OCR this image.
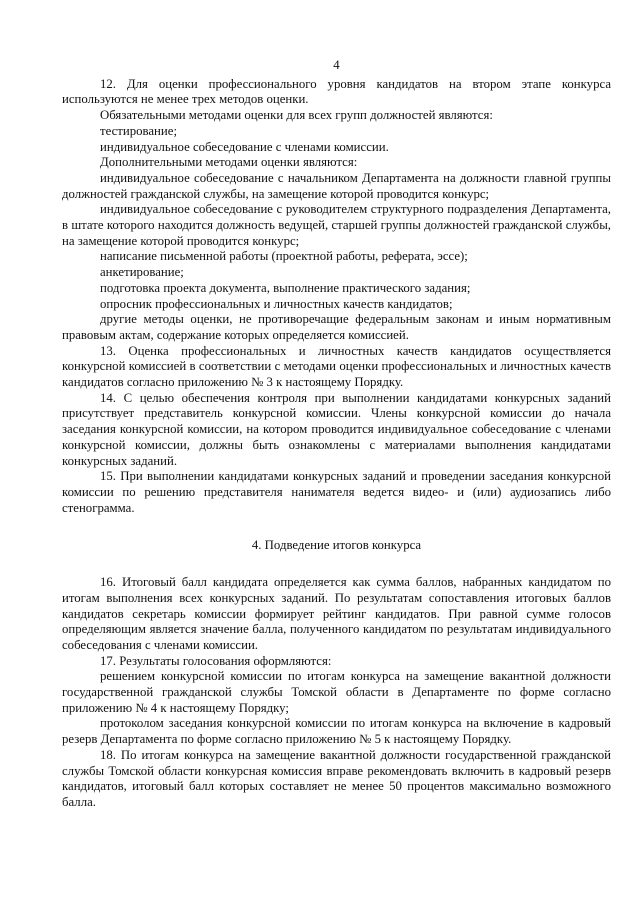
4

12. Для оценки профессионального уровня кандидатов на втором этапе конкурса используются не менее трех методов оценки.

Обязательными методами оценки для всех групп должностей являются:

тестирование;

индивидуальное собеседование с членами комиссии.

Дополнительными методами оценки являются:

индивидуальное собеседование с начальником Департамента на должности главной группы должностей гражданской службы, на замещение которой проводится конкурс;

индивидуальное собеседование с руководителем структурного подразделения Департамента, в штате которого находится должность ведущей, старшей группы должностей гражданской службы, на замещение которой проводится конкурс;

написание письменной работы (проектной работы, реферата, эссе);

анкетирование;

подготовка проекта документа, выполнение практического задания;

опросник профессиональных и личностных качеств кандидатов;

другие методы оценки, не противоречащие федеральным законам и иным нормативным правовым актам, содержание которых определяется комиссией.

13. Оценка профессиональных и личностных качеств кандидатов осуществляется конкурсной комиссией в соответствии с методами оценки профессиональных и личностных качеств кандидатов согласно приложению № 3 к настоящему Порядку.

14. С целью обеспечения контроля при выполнении кандидатами конкурсных заданий присутствует представитель конкурсной комиссии. Члены конкурсной комиссии до начала заседания конкурсной комиссии, на котором проводится индивидуальное собеседование с членами конкурсной комиссии, должны быть ознакомлены с материалами выполнения кандидатами конкурсных заданий.

15. При выполнении кандидатами конкурсных заданий и проведении заседания конкурсной комиссии по решению представителя нанимателя ведется видео- и (или) аудиозапись либо стенограмма.

4. Подведение итогов конкурса

16. Итоговый балл кандидата определяется как сумма баллов, набранных кандидатом по итогам выполнения всех конкурсных заданий. По результатам сопоставления итоговых баллов кандидатов секретарь комиссии формирует рейтинг кандидатов. При равной сумме голосов определяющим является значение балла, полученного кандидатом по результатам индивидуального собеседования с членами комиссии.

17. Результаты голосования оформляются:

решением конкурсной комиссии по итогам конкурса на замещение вакантной должности государственной гражданской службы Томской области в Департаменте по форме согласно приложению № 4 к настоящему Порядку;

протоколом заседания конкурсной комиссии по итогам конкурса на включение в кадровый резерв Департамента по форме согласно приложению № 5 к настоящему Порядку.

18. По итогам конкурса на замещение вакантной должности государственной гражданской службы Томской области конкурсная комиссия вправе рекомендовать включить в кадровый резерв кандидатов, итоговый балл которых составляет не менее 50 процентов максимально возможного балла.
